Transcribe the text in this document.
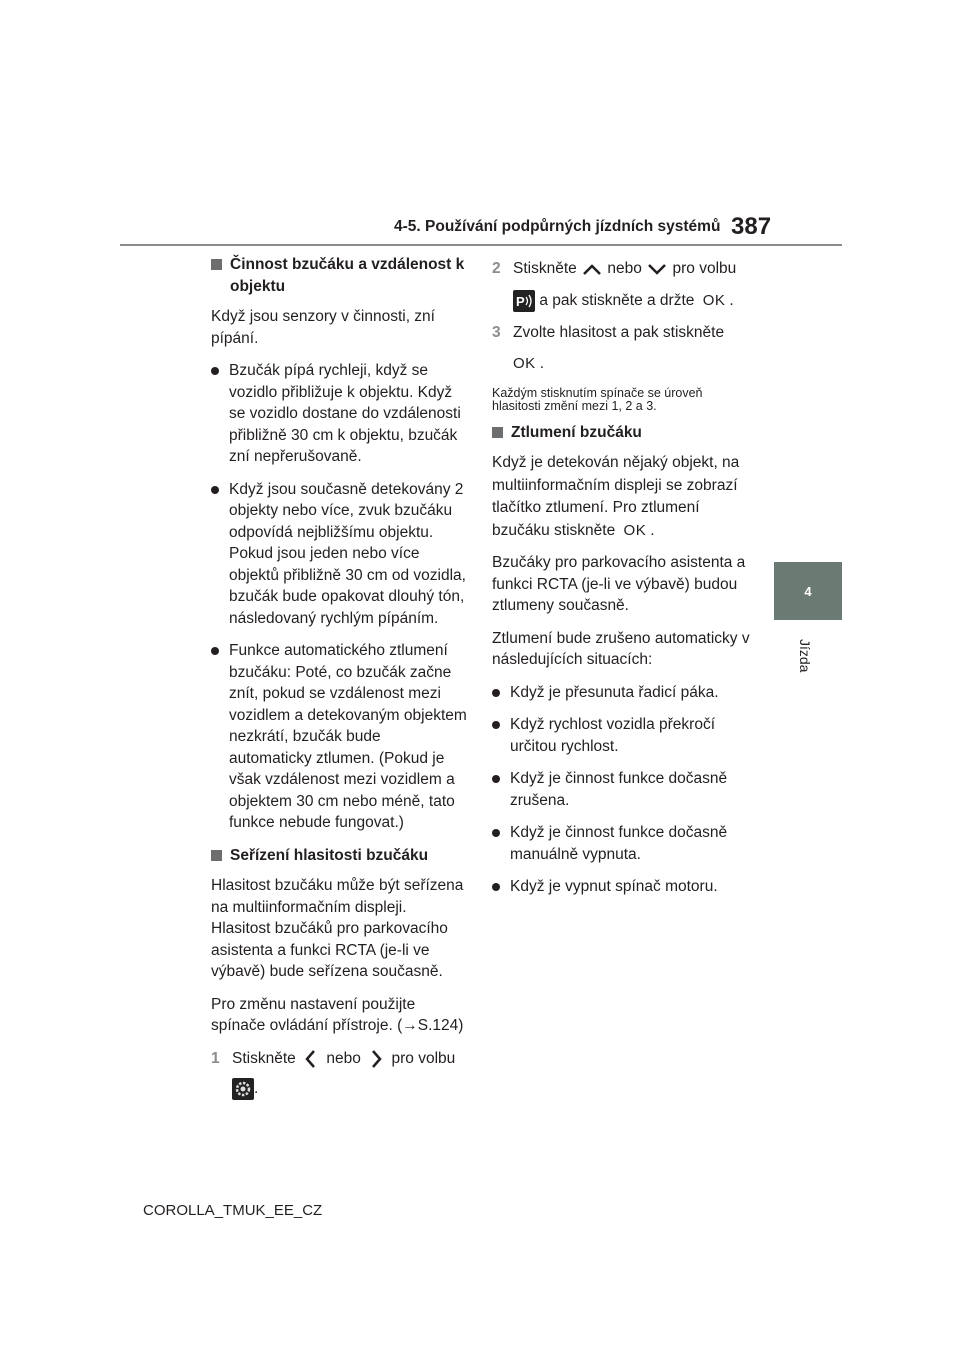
4-5. Používání podpůrných jízdních systémů 387
4
Jízda

Činnost bzučáku a vzdálenost k objektu

Když jsou senzory v činnosti, zní pípání.

Bzučák pípá rychleji, když se vozidlo přibližuje k objektu. Když se vozidlo dostane do vzdálenosti přibližně 30 cm k objektu, bzučák zní nepřerušovaně.

Když jsou současně detekovány 2 objekty nebo více, zvuk bzučáku odpovídá nejbližšímu objektu. Pokud jsou jeden nebo více objektů přibližně 30 cm od vozidla, bzučák bude opakovat dlouhý tón, následovaný rychlým pípáním.

Funkce automatického ztlumení bzučáku: Poté, co bzučák začne znít, pokud se vzdálenost mezi vozidlem a detekovaným objektem nezkrátí, bzučák bude automaticky ztlumen. (Pokud je však vzdálenost mezi vozidlem a objektem 30 cm nebo méně, tato funkce nebude fungovat.)

Seřízení hlasitosti bzučáku

Hlasitost bzučáku může být seřízena na multiinformačním displeji. Hlasitost bzučáků pro parkovacího asistenta a funkci RCTA (je-li ve výbavě) bude seřízena současně.

Pro změnu nastavení použijte spínače ovládání přístroje. (→S.124)

1 Stiskněte nebo pro volbu

.

2 Stiskněte nebo pro volbu

P a pak stiskněte a držte OK .

3 Zvolte hlasitost a pak stiskněte

OK .

Každým stisknutím spínače se úroveň hlasitosti změní mezi 1, 2 a 3.

Ztlumení bzučáku

Když je detekován nějaký objekt, na multiinformačním displeji se zobrazí tlačítko ztlumení. Pro ztlumení bzučáku stiskněte OK .

Bzučáky pro parkovacího asistenta a funkci RCTA (je-li ve výbavě) budou ztlumeny současně.

Ztlumení bude zrušeno automaticky v následujících situacích:

Když je přesunuta řadicí páka.

Když rychlost vozidla překročí určitou rychlost.

Když je činnost funkce dočasně zrušena.

Když je činnost funkce dočasně manuálně vypnuta.

Když je vypnut spínač motoru.

COROLLA_TMUK_EE_CZ
